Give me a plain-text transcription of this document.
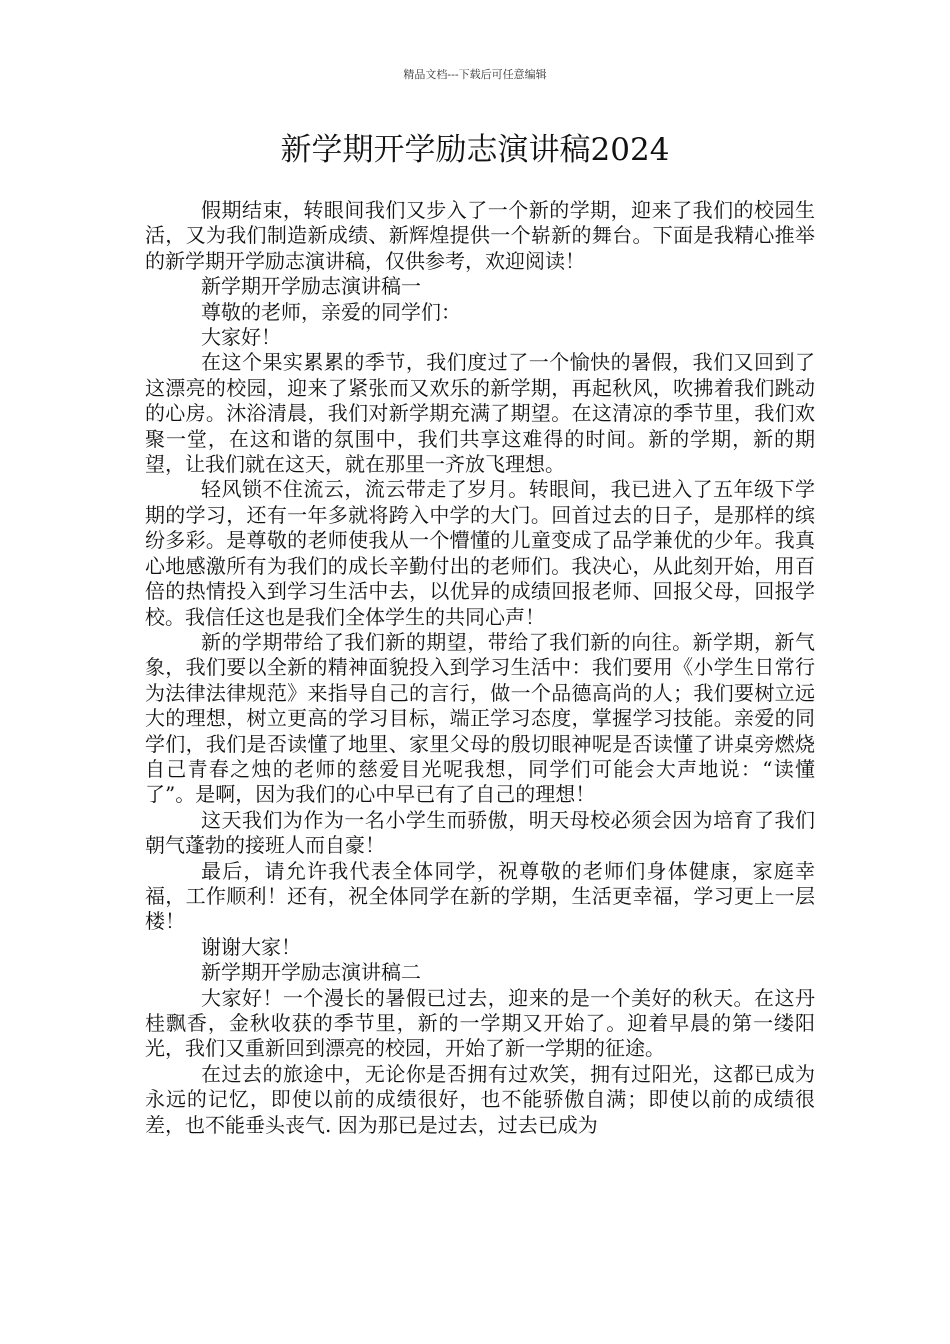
精品文档---下载后可任意编辑
新学期开学励志演讲稿2024

假期结束，转眼间我们又步入了一个新的学期，迎来了我们的校园生活，又为我们制造新成绩、新辉煌提供一个崭新的舞台。下面是我精心推举的新学期开学励志演讲稿，仅供参考，欢迎阅读！

新学期开学励志演讲稿一

尊敬的老师，亲爱的同学们：

大家好！

在这个果实累累的季节，我们度过了一个愉快的暑假，我们又回到了这漂亮的校园，迎来了紧张而又欢乐的新学期，再起秋风，吹拂着我们跳动的心房。沐浴清晨，我们对新学期充满了期望。在这清凉的季节里，我们欢聚一堂，在这和谐的氛围中，我们共享这难得的时间。新的学期，新的期望，让我们就在这天，就在那里一齐放飞理想。

轻风锁不住流云，流云带走了岁月。转眼间，我已进入了五年级下学期的学习，还有一年多就将跨入中学的大门。回首过去的日子，是那样的缤纷多彩。是尊敬的老师使我从一个懵懂的儿童变成了品学兼优的少年。我真心地感激所有为我们的成长辛勤付出的老师们。我决心，从此刻开始，用百倍的热情投入到学习生活中去，以优异的成绩回报老师、回报父母，回报学校。我信任这也是我们全体学生的共同心声！

新的学期带给了我们新的期望，带给了我们新的向往。新学期，新气象，我们要以全新的精神面貌投入到学习生活中：我们要用《小学生日常行为法律法律规范》来指导自己的言行，做一个品德高尚的人；我们要树立远大的理想，树立更高的学习目标，端正学习态度，掌握学习技能。亲爱的同学们，我们是否读懂了地里、家里父母的殷切眼神呢是否读懂了讲桌旁燃烧自己青春之烛的老师的慈爱目光呢我想，同学们可能会大声地说：“读懂了”。是啊，因为我们的心中早已有了自己的理想！

这天我们为作为一名小学生而骄傲，明天母校必须会因为培育了我们朝气蓬勃的接班人而自豪！

最后，请允许我代表全体同学，祝尊敬的老师们身体健康，家庭幸福，工作顺利！还有，祝全体同学在新的学期，生活更幸福，学习更上一层楼！

谢谢大家！

新学期开学励志演讲稿二

大家好！一个漫长的暑假已过去，迎来的是一个美好的秋天。在这丹桂飘香，金秋收获的季节里，新的一学期又开始了。迎着早晨的第一缕阳光，我们又重新回到漂亮的校园，开始了新一学期的征途。

在过去的旅途中，无论你是否拥有过欢笑，拥有过阳光，这都已成为永远的记忆，即使以前的成绩很好，也不能骄傲自满；即使以前的成绩很差，也不能垂头丧气. 因为那已是过去，过去已成为
